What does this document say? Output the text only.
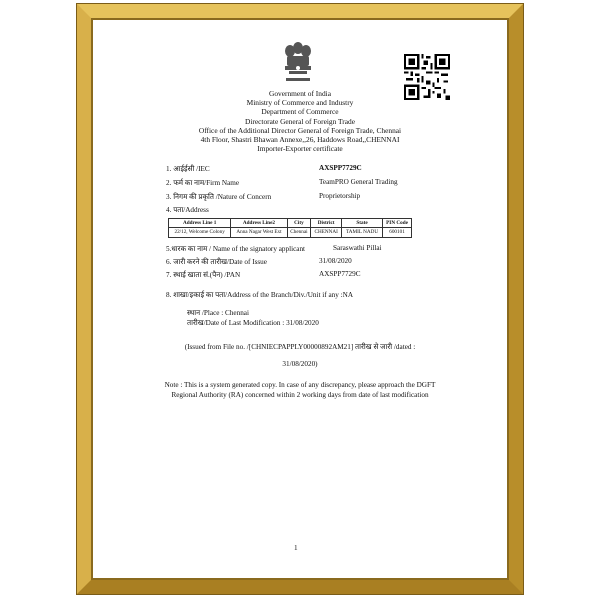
Government of India
Ministry of Commerce and Industry
Department of Commerce
Directorate General of Foreign Trade
Office of the Additional Director General of Foreign Trade, Chennai
4th Floor, Shastri Bhawan Annexe,,26, Haddows Road,,CHENNAI
Importer-Exporter certificate
1. आईईसी /IEC	AXSPP7729C
2. फर्म का नाम/Firm Name	TeamPRO General Trading
3. निगम की प्रकृति /Nature of Concern	Proprietorship
4. पता/Address
Address Line 1	Address Line2	City	District	State	PIN Code
22/12, Welcome Colony	Anna Nagar West Ext	Chennai	CHENNAI	TAMIL NADU	600101
5.धारक का नाम / Name of the signatory applicant	Saraswathi Pillai
6. जारी करने की तारीख/Date of Issue	31/08/2020
7. स्थाई खाता सं.(पैन) /PAN	AXSPP7729C
8. शाखा/इकाई का पता/Address of the Branch/Div./Unit if any :NA
स्थान /Place : Chennai
तारीख/Date of Last Modification : 31/08/2020
(Issued from File no. /[CHNIECPAPPLY00000892AM21] तारीख से जारी /dated :
31/08/2020)
Note : This is a system generated copy. In case of any discrepancy, please approach the DGFT
Regional Authority (RA) concerned within 2 working days from date of last modification
1
